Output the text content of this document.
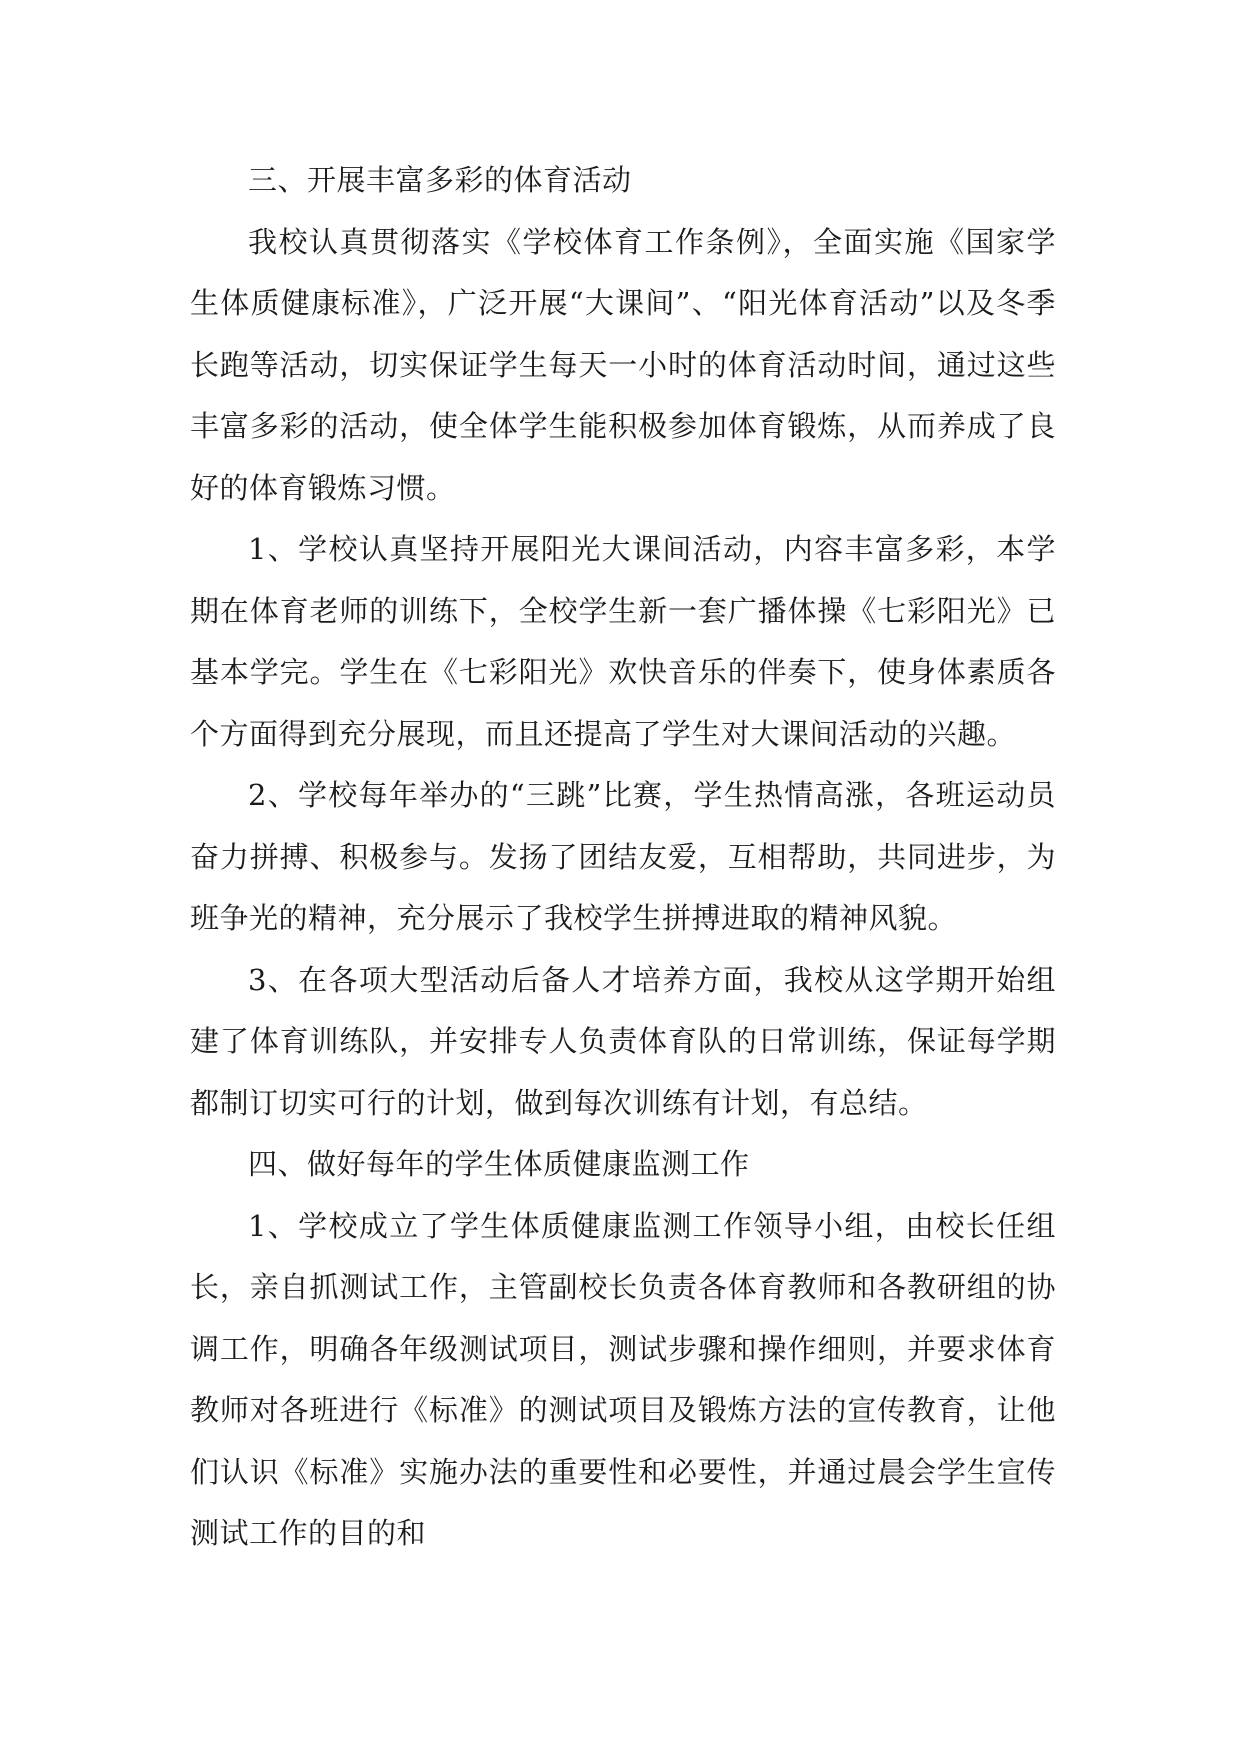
三、开展丰富多彩的体育活动

我校认真贯彻落实《学校体育工作条例》，全面实施《国家学生体质健康标准》，广泛开展“大课间”、“阳光体育活动”以及冬季长跑等活动，切实保证学生每天一小时的体育活动时间，通过这些丰富多彩的活动，使全体学生能积极参加体育锻炼，从而养成了良好的体育锻炼习惯。

1、学校认真坚持开展阳光大课间活动，内容丰富多彩，本学期在体育老师的训练下，全校学生新一套广播体操《七彩阳光》已基本学完。学生在《七彩阳光》欢快音乐的伴奏下，使身体素质各个方面得到充分展现，而且还提高了学生对大课间活动的兴趣。

2、学校每年举办的“三跳”比赛，学生热情高涨，各班运动员奋力拼搏、积极参与。发扬了团结友爱，互相帮助，共同进步，为班争光的精神，充分展示了我校学生拼搏进取的精神风貌。

3、在各项大型活动后备人才培养方面，我校从这学期开始组建了体育训练队，并安排专人负责体育队的日常训练，保证每学期都制订切实可行的计划，做到每次训练有计划，有总结。

四、做好每年的学生体质健康监测工作

1、学校成立了学生体质健康监测工作领导小组，由校长任组长，亲自抓测试工作，主管副校长负责各体育教师和各教研组的协调工作，明确各年级测试项目，测试步骤和操作细则，并要求体育教师对各班进行《标准》的测试项目及锻炼方法的宣传教育，让他们认识《标准》实施办法的重要性和必要性，并通过晨会学生宣传测试工作的目的和
